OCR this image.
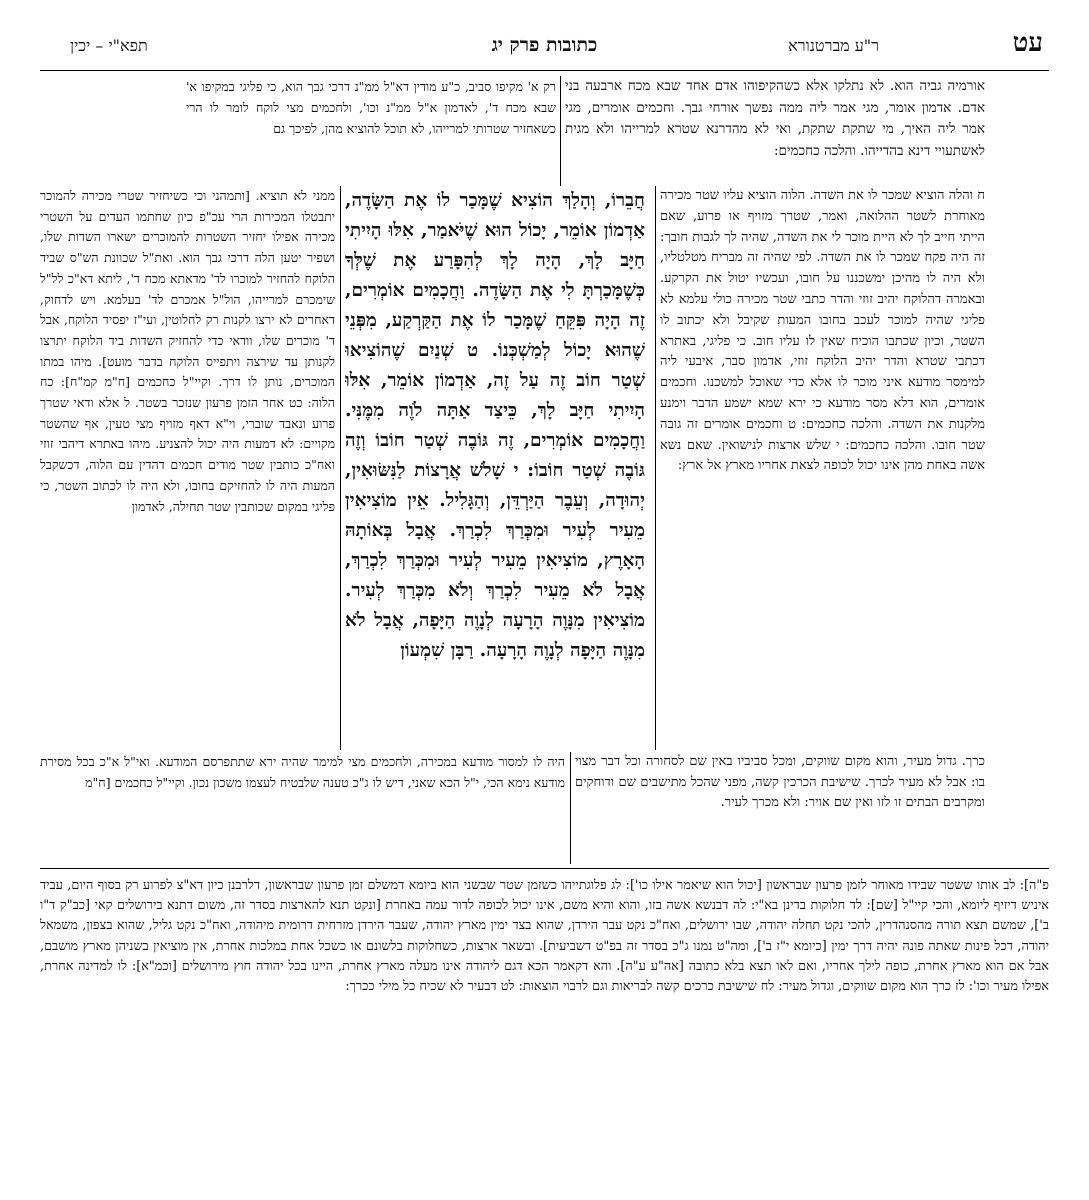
עט
ר"ע מברטנורא
כתובות פרק יג
תפא"י – יכין
אורמיה גביה הוא. לא נתלקו אלא כשהקיפוהו אדם אחד שבא מכח ארבעה בני אדם. אדמון אומר, מגי אמר ליה ממה נפשך אורחי גבך. וחכמים אומרים, מגי אמר ליה האיך, מי שתקת שתקת, ואי לא מהדרנא שטרא למרייהו ולא מגית לאשתעויי דינא בהדייהו. והלכה כחכמים:
רק א' מקיפו סביב, כ"ע מודין דא"ל ממ"נ דרכי גבך הוא, כי פליגי במקיפו א' שבא מכח ד', לאדמון א"ל ממ"נ וכו', ולחכמים מצי לוקח לומר לו הרי כשאחזיר שטרותי למרייהו, לא תוכל להוציא מהן, לפיכך גם
חֲבֵרוֹ, וְהָלַךְ הוֹצִיא שֶׁמָּכַר לוֹ אֶת הַשָּׂדֶה, אַדְמוֹן אוֹמֵר, יָכוֹל הוּא שֶׁיֹּאמַר, אִלּוּ הָיִיתִי חַיָּב לָךְ, הָיָה לָךְ לְהִפָּרַע אֶת שֶׁלְּךָ כְּשֶׁמָּכַרְתָּ לִי אֶת הַשָּׂדֶה. וַחֲכָמִים אוֹמְרִים, זֶה הָיָה פִּקֵּחַ שֶׁמָּכַר לוֹ אֶת הַקַּרְקַע, מִפְּנֵי שֶׁהוּא יָכוֹל לְמַשְׁכְּנוֹ. ט שְׁנַיִם שֶׁהוֹצִיאוּ שְׁטַר חוֹב זֶה עַל זֶה, אַדְמוֹן אוֹמֵר, אִלּוּ הָיִיתִי חַיָּב לָךְ, כֵּיצַד אַתָּה לֹוֶה מִמֶּנִּי. וַחֲכָמִים אוֹמְרִים, זֶה גּוֹבֶה שְׁטַר חוֹבוֹ וְזֶה גּוֹבֶה שְׁטַר חוֹבוֹ: י שָׁלֹשׁ אֲרָצוֹת לַנִּשּׂוּאִין, יְהוּדָה, וְעֵבֶר הַיַּרְדֵּן, וְהַגָּלִיל. אֵין מוֹצִיאִין מֵעִיר לְעִיר וּמִכְּרַךְ לִכְרַךְ. אֲבָל בְּאוֹתָהּ הָאָרֶץ, מוֹצִיאִין מֵעִיר לְעִיר וּמִכְּרַךְ לִכְרַךְ, אֲבָל לֹא מֵעִיר לִכְרַךְ וְלֹא מִכְּרַךְ לְעִיר. מוֹצִיאִין מִנָּוֶה הָרָעָה לְנָוֶה הַיָּפָה, אֲבָל לֹא מִנָּוֶה הַיָּפָה לְנָוֶה הָרָעָה. רַבָּן שִׁמְעוֹן
ח והלה הוציא שמכר לו את השדה. הלוה הוציא עליו שטר מכירה מאוחרת לשטר ההלואה, ואמר, שטרך מזויף או פרוע, שאם הייתי חייב לך לא היית מוכר לי את השדה, שהיה לך לגבות חובך: זה היה פקח שמכר לו את השדה. לפי שהיה זה מבריח מטלטליו, ולא היה לו מהיכן ימשכננו על חובו, ועכשיו יטול את הקרקע. ובאמרה דהלוקח יהיב זוזי והדר כתבי שטר מכירה כולי עלמא לא פליגי שהיה למוכר לעכב בחובו המעות שקיבל ולא יכתוב לו השטר, וכיון שכתבו הוכיח שאין לו עליו חוב. כי פליגי, באתרא דכתבי שטרא והדר יהיב הלוקח זוזי, אדמון סבר, איבעי ליה למימסר מודעא איני מוכר לו אלא כדי שאוכל למשכנו. וחכמים אומרים, הוא דלא מסר מודעא כי ירא שמא ישמע הדבר וימנע מלקנות את השדה. והלכה כחכמים: ט וחכמים אומרים זה גובה שטר חובו. והלכה כחכמים: י שלש ארצות לנישואין. שאם נשא אשה באחת מהן אינו יכול לכופה לצאת אחריו מארץ אל ארץ:
ממני לא תוציא. [ותמהני וכי כשיחזיר שטרי מכירה להמוכר יתבטלו המכירות הרי עכ"פ כיון שחתמו העדים על השטרי מכירה אפילו יחזיר השטרות להמוכרים ישארו השדות שלו, ושפיר יטען הלה דרכי גבך הוא. ואת"ל שכוונת הש"ס שביד הלוקח להחזיר למוכרו לד' מדאתא מכח ד', ליתא דא"כ לל"ל שימכרם למרייהו, הול"ל אמכרם לד' בעלמא. ויש לדחוק, דאחרים לא ירצו לקנות רק לחלוטין, ועי"ז יפסיד הלוקח, אבל ד' מוכרים שלו, וודאי כדי להחזיק השדות ביד הלוקח יתרצו לקנותן עד שירצה ויתפייס הלוקח בדבר מועט]. מיהו במתו המוכרים, נותן לו דרך. וקיי"ל כחכמים [ח"מ קמ"ח]: כח הלוה: כט אחר הזמן פרעון שנזכר בשטר. ל אלא ודאי שטרך פרוע ונאבד שוברי, וי"א דאף מזויף מצי טעין, אף שהשטר מקויים: לא דמעות היה יכול להצניע. מיהו באתרא דיהבי זוזי ואח"כ כותבין שטר מודים חכמים דהדין עם הלוה, דכשקבל המעות היה לו להחזיקם בחובו, ולא היה לו לכתוב השטר, כי פליגי במקום שכותבין שטר תחילה, לאדמון
כרך. גדול מעיר, והוא מקום שווקים, ומכל סביביו באין שם לסחורה וכל דבר מצוי בו: אבל לא מעיר לכרך. שישיבת הכרכין קשה, מפני שהכל מתישבים שם ודוחקים ומקרבים הבתים זו לזו ואין שם אויר: ולא מכרך לעיר.
היה לו למסור מודעא במכירה, ולחכמים מצי למימר שהיה ירא שתתפרסם המודעא. ואי"ל א"כ בכל מסירת מודעא נימא הכי, י"ל הכא שאני, דיש לו ג"כ טענה שלבטיח לעצמו משכון נכון. וקיי"ל כחכמים [ח"מ
פ"ה]: לב אותו ששטר שבידו מאוחר לזמן פרעון שבראשון [יכול הוא שיאמר אילו כו']: לג פלוגתייהו כשזמן שטר שבשני הוא ביומא דמשלם זמן פרעון שבראשון, דלרבנן כיון דא"צ לפרוע רק בסוף היום, עביד איניש דיזיף ליומא, והכי קיי"ל [שם]: לד חלוקות בדינן בא"י: לה דבנשא אשה בזו, והוא והיא משם, אינו יכול לכופה לדור עמה באחרת [ונקט תנא להארצות בסדר זה, משום דתנא בירושלים קאי [כב"ק ד"ו ב'], שמשם תצא תורה מהסנהדרין, להכי נקט תחלה יהודה, שבו ירושלים, ואח"כ נקט עבר הירדן, שהוא בצד ימין מארץ יהודה, שעבר הירדן מזרחית דרומית מיהודה, ואח"כ נקט גליל, שהוא בצפון, משמאל יהודה, דכל פינות שאתה פונה יהיה דרך ימין [כיומא י"ז ב'], ומה"ט נמנו ג"כ בסדר זה בפ"ט דשביעית]. ובשאר ארצות, כשחלוקות בלשונם או כשכל אחת במלכות אחרת, אין מוציאין בשניהן מארץ מושבם, אבל אם הוא מארץ אחרת, כופה לילך אחריו, ואם לאו תצא בלא כתובה [אה"ע ע"ה]. והא דקאמר הכא דגם ליהודה אינו מעלה מארץ אחרת, היינו בכל יהודה חוץ מירושלים [וכמ"א]: לו למדינה אחרת, אפילו מעיר וכו': לז כרך הוא מקום שווקים, וגדול מעיר: לח שישיבת כרכים קשה לבריאות וגם לרבוי הוצאות: לט דבעיר לא שכיח כל מילי ככרך:
